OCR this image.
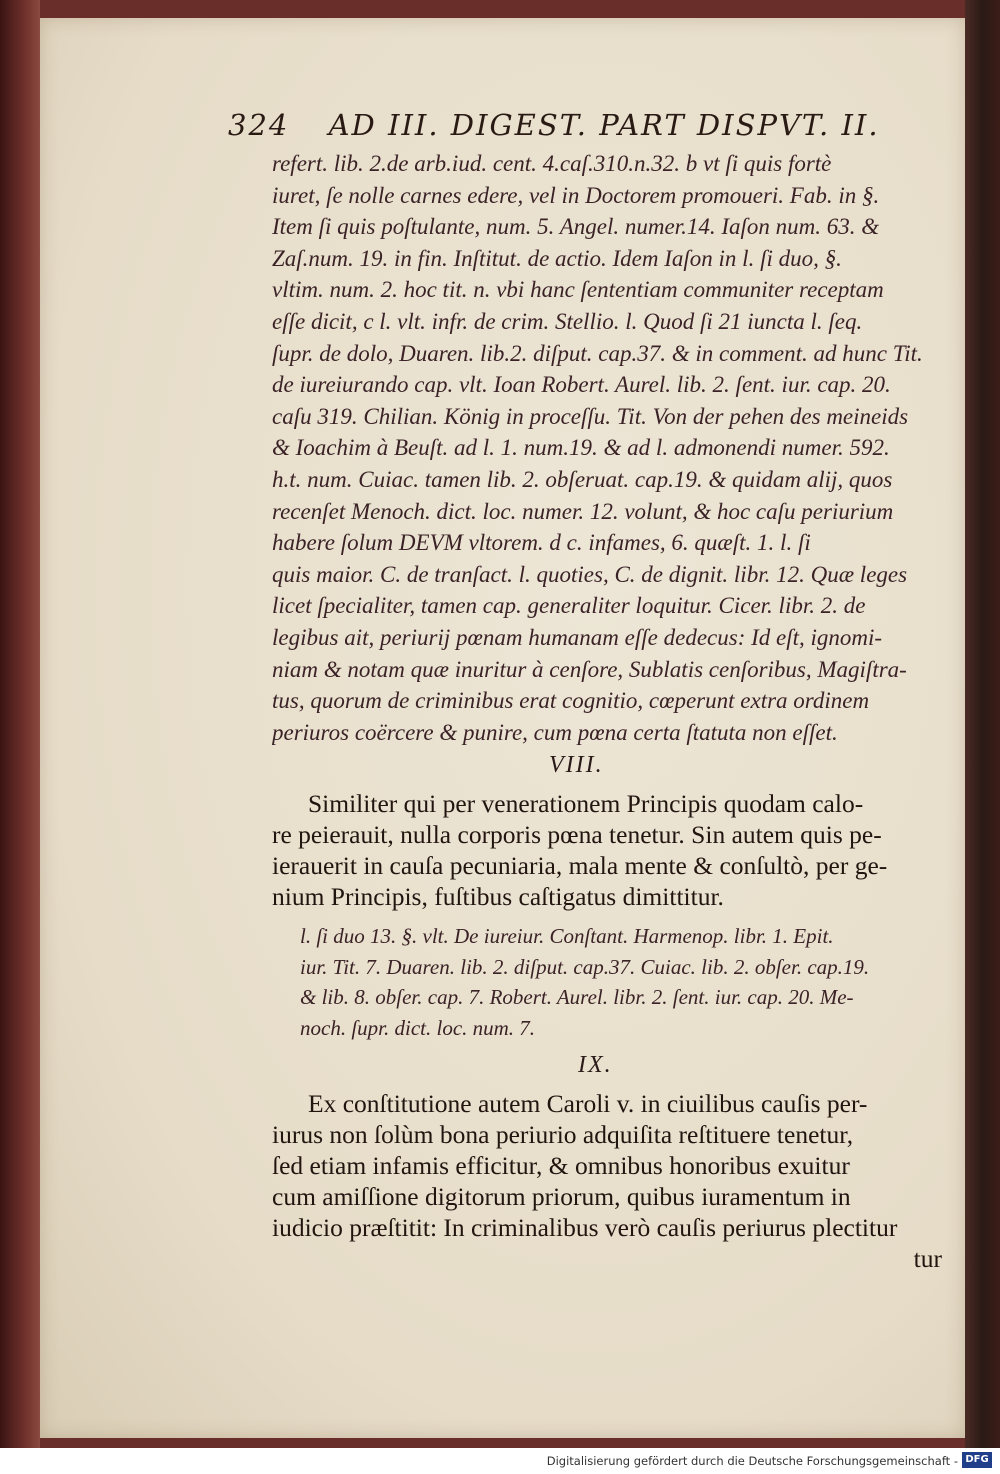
324 AD III. DIGEST. PART DISPVT. II.
refert. lib. 2.de arb.iud. cent. 4.caſ.310.n.32. b vt ſi quis fortè
iuret, ſe nolle carnes edere, vel in Doctorem promoueri. Fab. in §.
Item ſi quis poſtulante, num. 5. Angel. numer.14. Iaſon num. 63. &
Zaſ.num. 19. in fin. Inſtitut. de actio. Idem Iaſon in l. ſi duo, §.
vltim. num. 2. hoc tit. n. vbi hanc ſententiam communiter receptam
eſſe dicit, c l. vlt. infr. de crim. Stellio. l. Quod ſi 21 iuncta l. ſeq.
ſupr. de dolo, Duaren. lib.2. diſput. cap.37. & in comment. ad hunc Tit.
de iureiurando cap. vlt. Ioan Robert. Aurel. lib. 2. ſent. iur. cap. 20.
caſu 319. Chilian. König in proceſſu. Tit. Von der pehen des meineids
& Ioachim à Beuſt. ad l. 1. num.19. & ad l. admonendi numer. 592.
h.t. num. Cuiac. tamen lib. 2. obſeruat. cap.19. & quidam alij, quos
recenſet Menoch. dict. loc. numer. 12. volunt, & hoc caſu periurium
habere ſolum DEVM vltorem. d c. infames, 6. quæſt. 1. l. ſi
quis maior. C. de tranſact. l. quoties, C. de dignit. libr. 12. Quæ leges
licet ſpecialiter, tamen cap. generaliter loquitur. Cicer. libr. 2. de
legibus ait, periurij pœnam humanam eſſe dedecus: Id eſt, ignomi-
niam & notam quæ inuritur à cenſore, Sublatis cenſoribus, Magiſtra-
tus, quorum de criminibus erat cognitio, cœperunt extra ordinem
periuros coërcere & punire, cum pœna certa ſtatuta non eſſet.
VIII.
Similiter qui per venerationem Principis quodam calo-
re peierauit, nulla corporis pœna tenetur. Sin autem quis pe-
ierauerit in cauſa pecuniaria, mala mente & conſultò, per ge-
nium Principis, fuſtibus caſtigatus dimittitur.
l. ſi duo 13. §. vlt. De iureiur. Conſtant. Harmenop. libr. 1. Epit.
iur. Tit. 7. Duaren. lib. 2. diſput. cap.37. Cuiac. lib. 2. obſer. cap.19.
& lib. 8. obſer. cap. 7. Robert. Aurel. libr. 2. ſent. iur. cap. 20. Me-
noch. ſupr. dict. loc. num. 7.
IX.
Ex conſtitutione autem Caroli v. in ciuilibus cauſis per-
iurus non ſolùm bona periurio adquiſita reſtituere tenetur,
ſed etiam infamis efficitur, & omnibus honoribus exuitur
cum amiſſione digitorum priorum, quibus iuramentum in
iudicio præſtitit: In criminalibus verò cauſis periurus plectitur
tur
Digitalisierung gefördert durch die Deutsche Forschungsgemeinschaft - DFG
